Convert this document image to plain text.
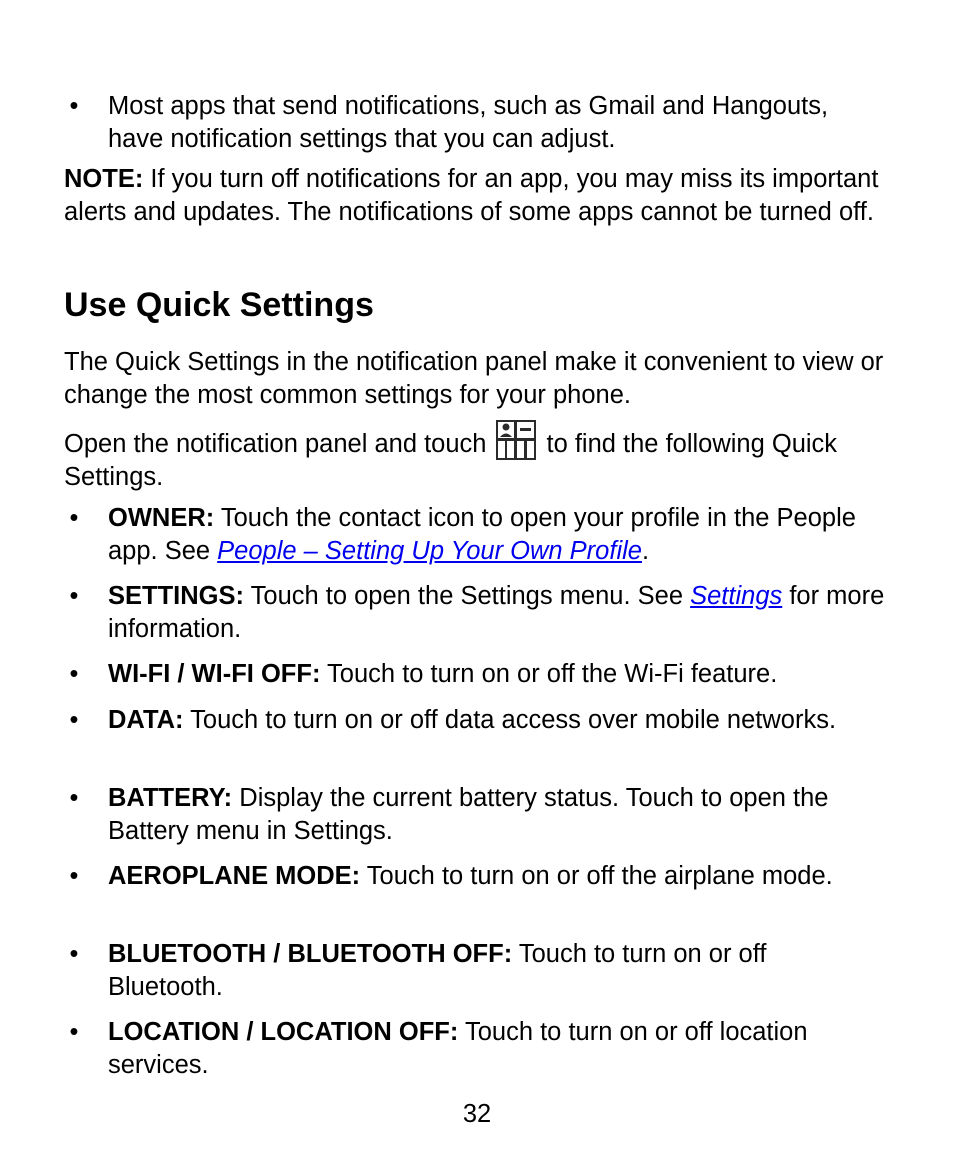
• Most apps that send notifications, such as Gmail and Hangouts, have notification settings that you can adjust.

NOTE: If you turn off notifications for an app, you may miss its important alerts and updates. The notifications of some apps cannot be turned off.

Use Quick Settings

The Quick Settings in the notification panel make it convenient to view or change the most common settings for your phone.

Open the notification panel and touch to find the following Quick Settings.

• OWNER: Touch the contact icon to open your profile in the People app. See People – Setting Up Your Own Profile.
• SETTINGS: Touch to open the Settings menu. See Settings for more information.
• WI-FI / WI-FI OFF: Touch to turn on or off the Wi-Fi feature.
• DATA: Touch to turn on or off data access over mobile networks.
• BATTERY: Display the current battery status. Touch to open the Battery menu in Settings.
• AEROPLANE MODE: Touch to turn on or off the airplane mode.
• BLUETOOTH / BLUETOOTH OFF: Touch to turn on or off Bluetooth.
• LOCATION / LOCATION OFF: Touch to turn on or off location services.
32
